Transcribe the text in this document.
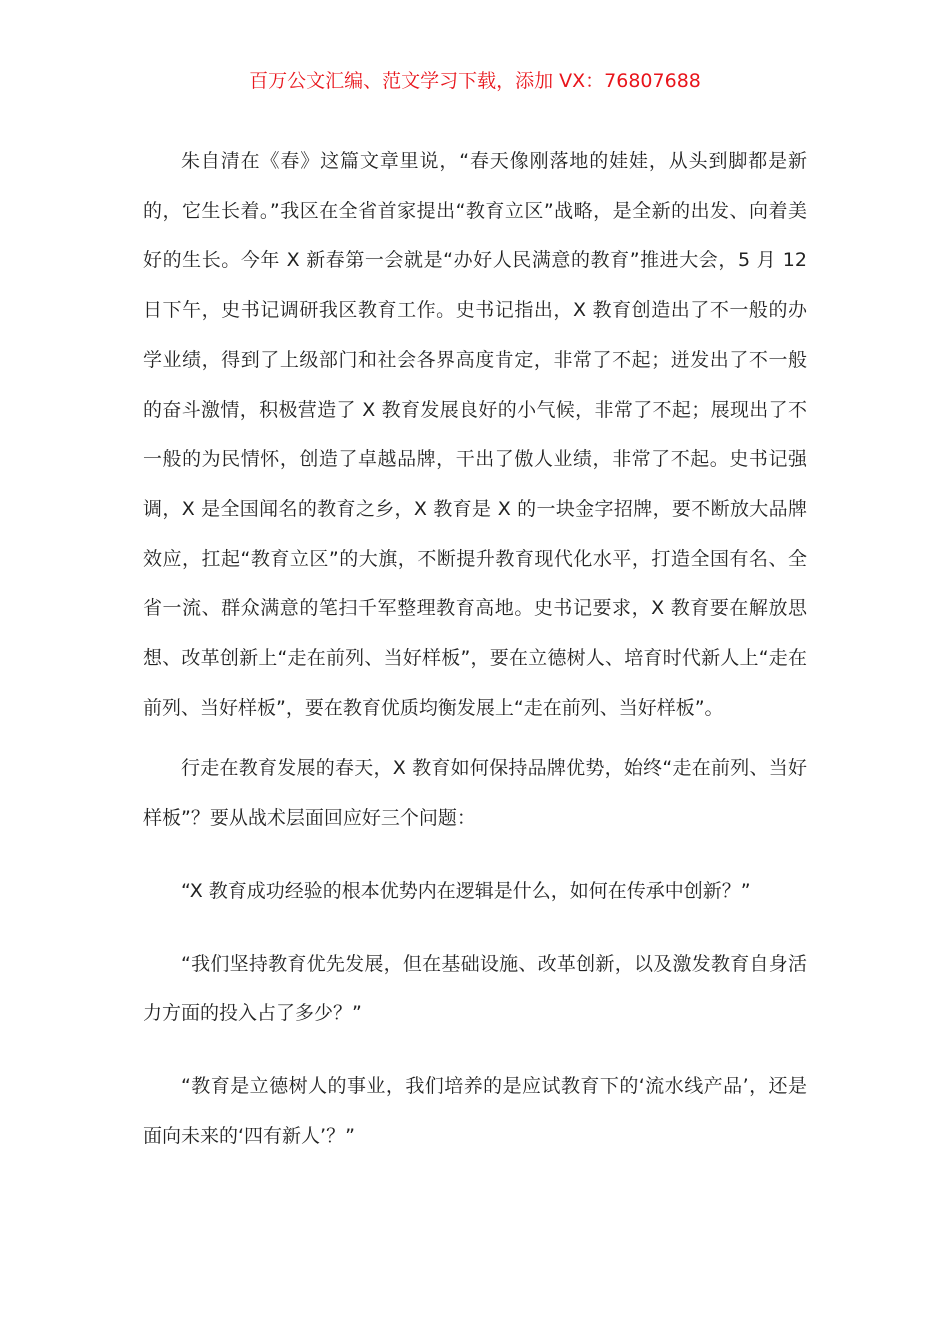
百万公文汇编、范文学习下载，添加 VX：76807688

朱自清在《春》这篇文章里说，“春天像刚落地的娃娃，从头到脚都是新的，它生长着。”我区在全省首家提出“教育立区”战略，是全新的出发、向着美好的生长。今年 X 新春第一会就是“办好人民满意的教育”推进大会，5 月 12 日下午，史书记调研我区教育工作。史书记指出，X 教育创造出了不一般的办学业绩，得到了上级部门和社会各界高度肯定，非常了不起；迸发出了不一般的奋斗激情，积极营造了 X 教育发展良好的小气候，非常了不起；展现出了不一般的为民情怀，创造了卓越品牌，干出了傲人业绩，非常了不起。史书记强调，X 是全国闻名的教育之乡，X 教育是 X 的一块金字招牌，要不断放大品牌效应，扛起“教育立区”的大旗，不断提升教育现代化水平，打造全国有名、全省一流、群众满意的笔扫千军整理教育高地。史书记要求，X 教育要在解放思想、改革创新上“走在前列、当好样板”，要在立德树人、培育时代新人上“走在前列、当好样板”，要在教育优质均衡发展上“走在前列、当好样板”。

行走在教育发展的春天，X 教育如何保持品牌优势，始终“走在前列、当好样板”？要从战术层面回应好三个问题：

“X 教育成功经验的根本优势内在逻辑是什么，如何在传承中创新？”

“我们坚持教育优先发展，但在基础设施、改革创新，以及激发教育自身活力方面的投入占了多少？”

“教育是立德树人的事业，我们培养的是应试教育下的‘流水线产品’，还是面向未来的‘四有新人’？”
